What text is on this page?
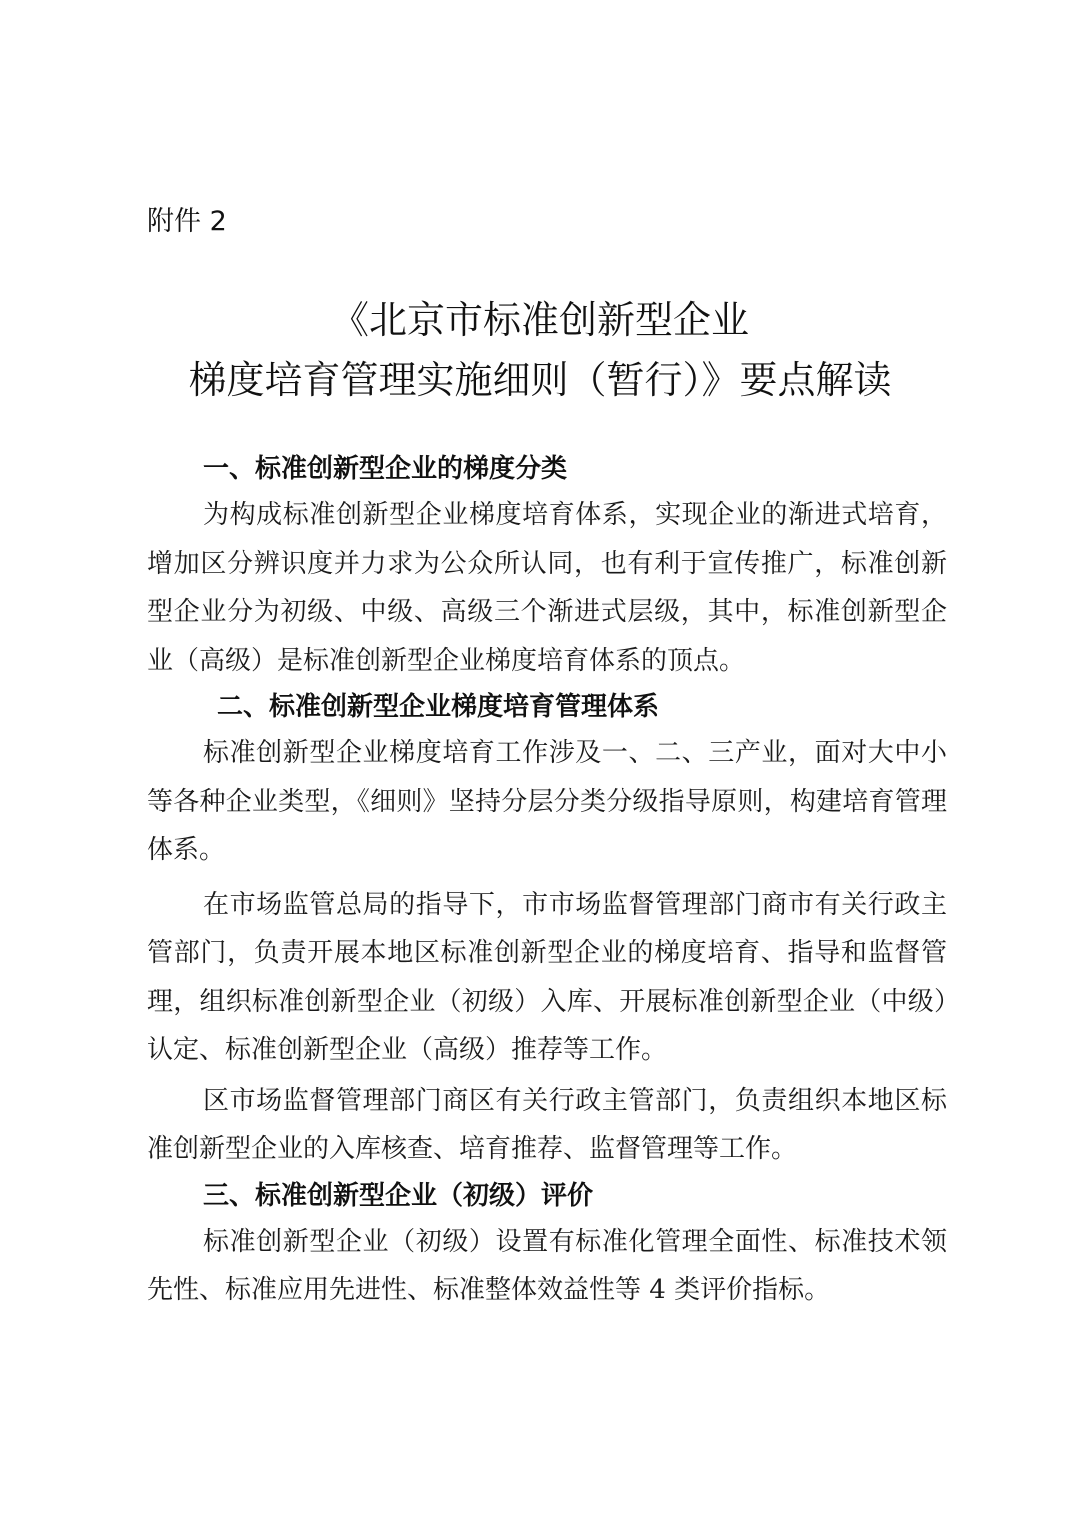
附件 2
《北京市标准创新型企业
梯度培育管理实施细则（暂行）》要点解读
一、标准创新型企业的梯度分类

为构成标准创新型企业梯度培育体系，实现企业的渐进式培育，增加区分辨识度并力求为公众所认同，也有利于宣传推广，标准创新型企业分为初级、中级、高级三个渐进式层级，其中，标准创新型企业（高级）是标准创新型企业梯度培育体系的顶点。

二、标准创新型企业梯度培育管理体系

标准创新型企业梯度培育工作涉及一、二、三产业，面对大中小等各种企业类型，《细则》坚持分层分类分级指导原则，构建培育管理体系。

在市场监管总局的指导下，市市场监督管理部门商市有关行政主管部门，负责开展本地区标准创新型企业的梯度培育、指导和监督管理，组织标准创新型企业（初级）入库、开展标准创新型企业（中级）认定、标准创新型企业（高级）推荐等工作。

区市场监督管理部门商区有关行政主管部门，负责组织本地区标准创新型企业的入库核查、培育推荐、监督管理等工作。

三、标准创新型企业（初级）评价

标准创新型企业（初级）设置有标准化管理全面性、标准技术领先性、标准应用先进性、标准整体效益性等 4 类评价指标。
